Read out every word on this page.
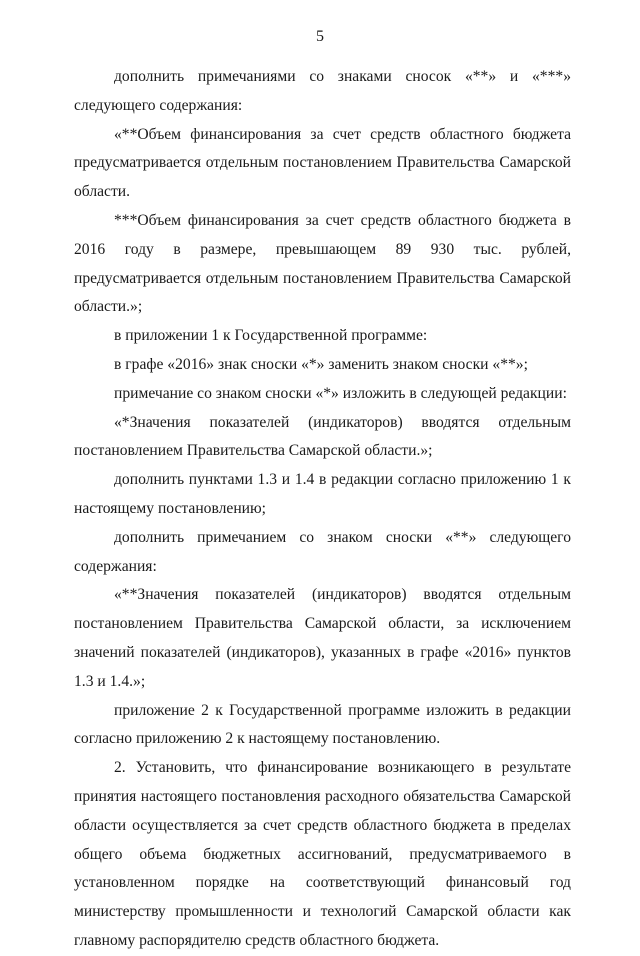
5

дополнить примечаниями со знаками сносок «**» и «***» следующего содержания:

«**Объем финансирования за счет средств областного бюджета предусматривается отдельным постановлением Правительства Самарской области.

***Объем финансирования за счет средств областного бюджета в 2016 году в размере, превышающем 89 930 тыс. рублей, предусматривается отдельным постановлением Правительства Самарской области.»;

в приложении 1 к Государственной программе:

в графе «2016» знак сноски «*» заменить знаком сноски «**»;

примечание со знаком сноски «*» изложить в следующей редакции:

«*Значения показателей (индикаторов) вводятся отдельным постановлением Правительства Самарской области.»;

дополнить пунктами 1.3 и 1.4 в редакции согласно приложению 1 к настоящему постановлению;

дополнить примечанием со знаком сноски «**» следующего содержания:

«**Значения показателей (индикаторов) вводятся отдельным постановлением Правительства Самарской области, за исключением значений показателей (индикаторов), указанных в графе «2016» пунктов 1.3 и 1.4.»;

приложение 2 к Государственной программе изложить в редакции согласно приложению 2 к настоящему постановлению.

2. Установить, что финансирование возникающего в результате принятия настоящего постановления расходного обязательства Самарской области осуществляется за счет средств областного бюджета в пределах общего объема бюджетных ассигнований, предусматриваемого в установленном порядке на соответствующий финансовый год министерству промышленности и технологий Самарской области как главному распорядителю средств областного бюджета.
